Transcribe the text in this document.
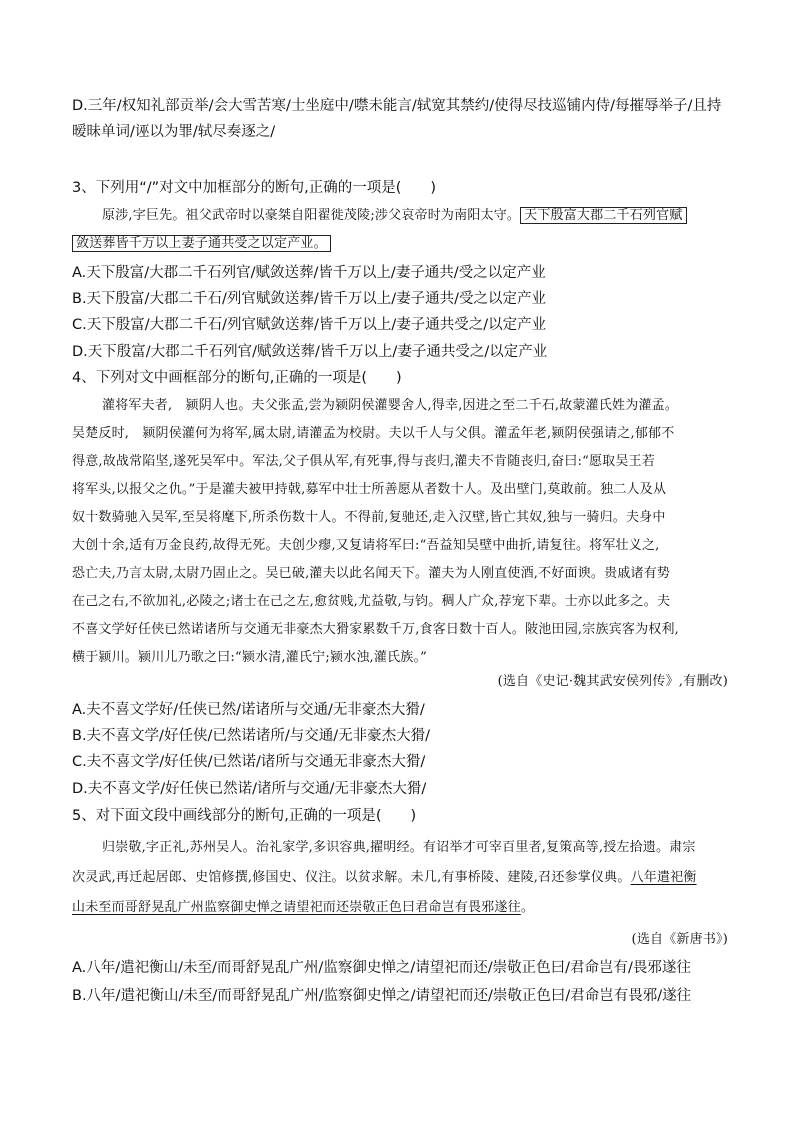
D.三年/权知礼部贡举/会大雪苦寒/士坐庭中/噤未能言/轼宽其禁约/使得尽技巡铺内侍/每摧辱举子/且持
暧昧单词/诬以为罪/轼尽奏逐之/
3、下列用“/”对文中加框部分的断句,正确的一项是(　　)
原涉,字巨先。祖父武帝时以豪桀自阳翟徙茂陵;涉父哀帝时为南阳太守。 天下殷富大郡二千石列官赋
敛送葬皆千万以上妻子通共受之以定产业。
A.天下殷富/大郡二千石列官/赋敛送葬/皆千万以上/妻子通共/受之以定产业
B.天下殷富/大郡二千石/列官赋敛送葬/皆千万以上/妻子通共/受之以定产业
C.天下殷富/大郡二千石/列官赋敛送葬/皆千万以上/妻子通共受之/以定产业
D.天下殷富/大郡二千石列官/赋敛送葬/皆千万以上/妻子通共受之/以定产业
4、下列对文中画框部分的断句,正确的一项是(　　)
灌将军夫者,　颍阴人也。夫父张孟,尝为颍阴侯灌婴舍人,得幸,因进之至二千石,故蒙灌氏姓为灌孟。
吴楚反时,　颍阴侯灌何为将军,属太尉,请灌孟为校尉。夫以千人与父俱。灌孟年老,颍阴侯强请之,郁郁不
得意,故战常陷坚,遂死吴军中。军法,父子俱从军,有死事,得与丧归,灌夫不肯随丧归,奋曰:“愿取吴王若
将军头,以报父之仇。”于是灌夫被甲持戟,募军中壮士所善愿从者数十人。及出壁门,莫敢前。独二人及从
奴十数骑驰入吴军,至吴将麾下,所杀伤数十人。不得前,复驰还,走入汉壁,皆亡其奴,独与一骑归。夫身中
大创十余,适有万金良药,故得无死。夫创少瘳,又复请将军曰:“吾益知吴壁中曲折,请复往。将军壮义之,
恐亡夫,乃言太尉,太尉乃固止之。吴已破,灌夫以此名闻天下。灌夫为人刚直使酒,不好面谀。贵戚诸有势
在己之右,不欲加礼,必陵之;诸士在己之左,愈贫贱,尤益敬,与钧。稠人广众,荐宠下辈。士亦以此多之。夫
不喜文学好任侠已然诺诸所与交通无非豪杰大猾家累数千万,食客日数十百人。陂池田园,宗族宾客为权利,
横于颍川。颍川儿乃歌之曰:“颍水清,灌氏宁;颍水浊,灌氏族。”
(选自《史记·魏其武安侯列传》,有删改)
A.夫不喜文学好/任侠已然/诺诸所与交通/无非豪杰大猾/
B.夫不喜文学/好任侠/已然诺诸所/与交通/无非豪杰大猾/
C.夫不喜文学/好任侠/已然诺/诸所与交通无非豪杰大猾/
D.夫不喜文学/好任侠已然诺/诸所与交通/无非豪杰大猾/
5、对下面文段中画线部分的断句,正确的一项是(　　)
归崇敬,字正礼,苏州吴人。治礼家学,多识容典,擢明经。有诏举才可宰百里者,复策高等,授左拾遗。肃宗
次灵武,再迁起居郎、史馆修撰,修国史、仪注。以贫求解。未几,有事桥陵、建陵,召还参掌仪典。八年遣祀衡
山未至而哥舒晃乱广州监察御史惮之请望祀而还崇敬正色曰君命岂有畏邪遂往。
(选自《新唐书》)
A.八年/遣祀衡山/未至/而哥舒晃乱广州/监察御史惮之/请望祀而还/崇敬正色曰/君命岂有/畏邪遂往
B.八年/遣祀衡山/未至/而哥舒晃乱广州/监察御史惮之/请望祀而还/崇敬正色曰/君命岂有畏邪/遂往
